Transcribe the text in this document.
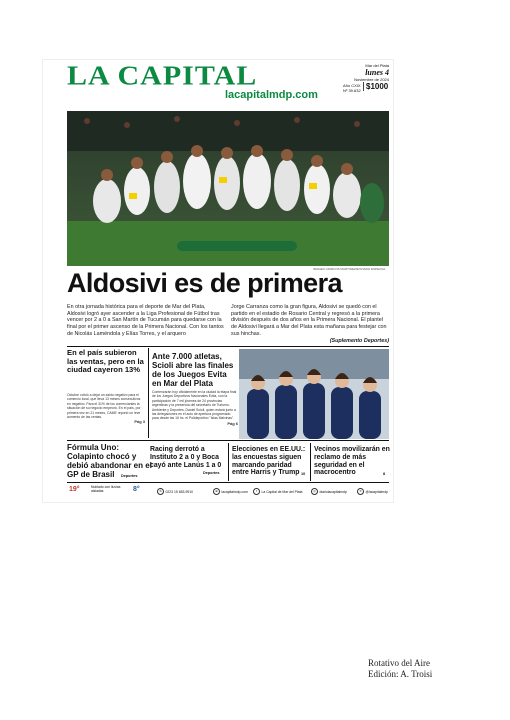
LA CAPITAL
lacapitalmdp.com
Mar del Plata
lunes 4
Noviembre de 2024
Año CXIX
Nº 39.632 $1000
IMAGEN: MARCOS MARTINEZ/ENVIADO ESPECIAL
Aldosivi es de primera
En otra jornada histórica para el deporte de Mar del Plata, Aldosivi logró ayer ascender a la Liga Profesional de Fútbol tras vencer por 2 a 0 a San Martín de Tucumán para quedarse con la final por el primer ascenso de la Primera Nacional. Con los tantos de Nicolás Laméndola y Elías Torres, y el arquero
Jorge Carranza como la gran figura, Aldosivi se quedó con el partido en el estadio de Rosario Central y regresó a la primera división después de dos años en la Primera Nacional. El plantel de Aldosivi llegará a Mar del Plata esta mañana para festejar con sus hinchas.
(Suplemento Deportes)
En el país subieron las ventas, pero en la ciudad cayeron 13%
Octubre volvió a dejar un saldo negativo para el comercio local, que lleva 13 meses consecutivos en negativo. Para el 31% de los comerciantes la situación de su negocio empeoró. En el país, por primera vez en 21 meses, CAME reportó un leve aumento de las ventas.
Pág 3
Ante 7.000 atletas, Scioli abre las finales de los Juegos Evita en Mar del Plata
Comenzarán hoy oficialmente en la ciudad la etapa final de los Juegos Deportivos Nacionales Evita, con la participación de 7 mil jóvenes de 24 provincias argentinas y la presencia del secretario de Turismo, Ambiente y Deportes, Daniel Scioli, quien estará junto a las delegaciones en el acto de apertura programado para desde las 16 hs. el Polideportivo "Islas Malvinas".
Pág 6
Fórmula Uno: Colapinto chocó y debió abandonar en el GP de Brasil	Deportes
Racing derrotó a Instituto 2 a 0 y Boca cayó ante Lanús 1 a 0
Deportes
Elecciones en EE.UU.: las encuestas siguen marcando paridad entre Harris y Trump 10
Vecinos movilizarán en reclamo de más seguridad en el macrocentro	8
19°	Nublado con lluvias aisladas	8°	✆	0223 15 683-9910	⊕	lacapitalmdp.com	f	La Capital de Mar del Plata	◎	diariolacapitalmdp	✕	@lacapitalmdp
Rotativo del Aire
Edición: A. Troisi
